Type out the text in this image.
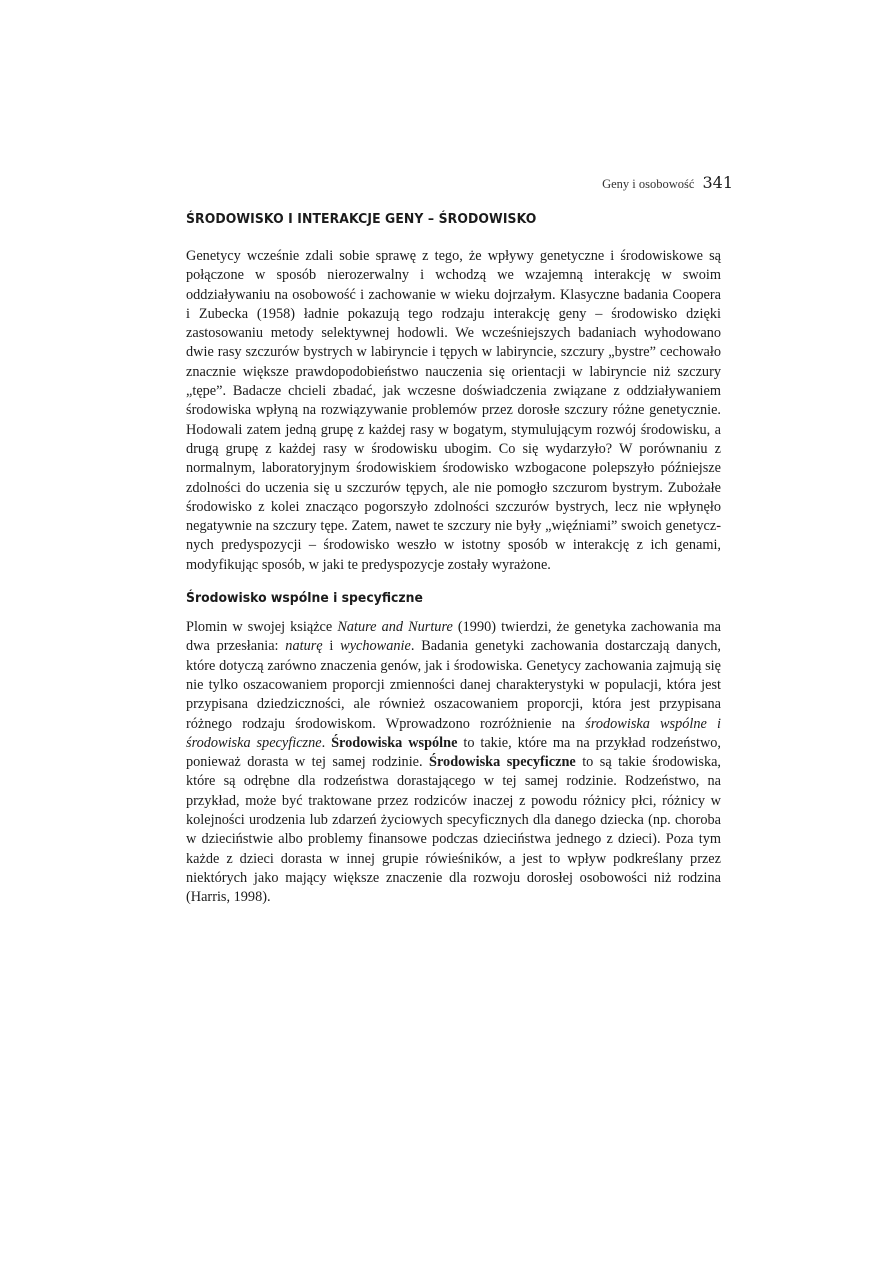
Geny i osobowość 341
ŚRODOWISKO I INTERAKCJE GENY – ŚRODOWISKO

Genetycy wcześnie zdali sobie sprawę z tego, że wpływy genetyczne i środowiskowe są połączone w sposób nierozerwalny i wchodzą we wzajemną interakcję w swoim oddziaływaniu na osobowość i zachowanie w wieku dojrzałym. Klasyczne badania Coopera i Zubecka (1958) ładnie pokazują tego rodzaju interakcję geny – środowisko dzięki zastosowaniu metody selektywnej hodowli. We wcześniejszych badaniach wyhodowano dwie rasy szczurów bystrych w labiryncie i tępych w labiryncie, szczury „bystre” cechowało znacznie większe prawdopodobieństwo nauczenia się orientacji w labiryncie niż szczury „tępe”. Badacze chcieli zbadać, jak wczesne doświadczenia związane z oddziaływaniem środowiska wpłyną na rozwiązywanie problemów przez dorosłe szczury różne genetycznie. Hodowali zatem jedną grupę z każdej rasy w bogatym, stymulującym rozwój środowisku, a drugą grupę z każdej rasy w środowisku ubogim. Co się wydarzyło? W porównaniu z normalnym, laboratoryjnym środowiskiem środowisko wzbogacone polepszyło późniejsze zdolności do uczenia się u szczurów tępych, ale nie pomogło szczurom bystrym. Zubożałe środowisko z kolei znacząco pogorszyło zdolności szczurów bystrych, lecz nie wpłynęło negatywnie na szczury tępe. Zatem, nawet te szczury nie były „więźniami” swoich genetycznych predyspozycji – środowisko weszło w istotny sposób w interakcję z ich genami, modyfikując sposób, w jaki te predyspozycje zostały wyrażone.

Środowisko wspólne i specyficzne

Plomin w swojej książce Nature and Nurture (1990) twierdzi, że genetyka zachowania ma dwa przesłania: naturę i wychowanie. Badania genetyki zachowania dostarczają danych, które dotyczą zarówno znaczenia genów, jak i środowiska. Genetycy zachowania zajmują się nie tylko oszacowaniem proporcji zmienności danej charakterystyki w populacji, która jest przypisana dziedziczności, ale również oszacowaniem proporcji, która jest przypisana różnego rodzaju środowiskom. Wprowadzono rozróżnienie na środowiska wspólne i środowiska specyficzne. Środowiska wspólne to takie, które ma na przykład rodzeństwo, ponieważ dorasta w tej samej rodzinie. Środowiska specyficzne to są takie środowiska, które są odrębne dla rodzeństwa dorastającego w tej samej rodzinie. Rodzeństwo, na przykład, może być traktowane przez rodziców inaczej z powodu różnicy płci, różnicy w kolejności urodzenia lub zdarzeń życiowych specyficznych dla danego dziecka (np. choroba w dzieciństwie albo problemy finansowe podczas dzieciństwa jednego z dzieci). Poza tym każde z dzieci dorasta w innej grupie rówieśników, a jest to wpływ podkreślany przez niektórych jako mający większe znaczenie dla rozwoju dorosłej osobowości niż rodzina (Harris, 1998).
